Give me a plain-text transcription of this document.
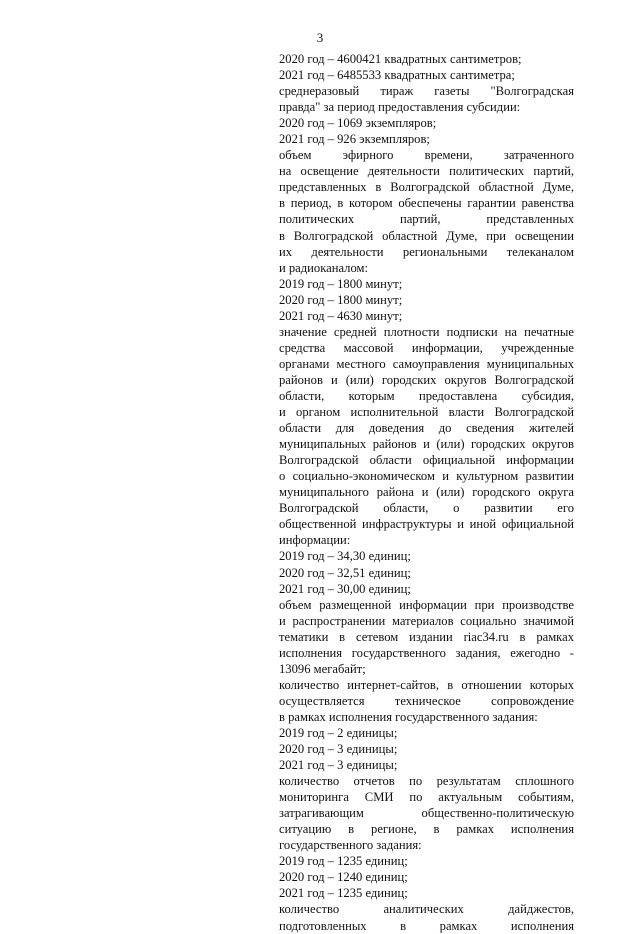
3
2020 год – 4600421 квадратных сантиметров;
2021 год – 6485533 квадратных сантиметра;
среднеразовый тираж газеты "Волгоградская
правда" за период предоставления субсидии:
2020 год – 1069 экземпляров;
2021 год – 926 экземпляров;
объем эфирного времени, затраченного
на освещение деятельности политических партий,
представленных в Волгоградской областной Думе,
в период, в котором обеспечены гарантии равенства
политических партий, представленных
в Волгоградской областной Думе, при освещении
их деятельности региональными телеканалом
и радиоканалом:
2019 год – 1800 минут;
2020 год – 1800 минут;
2021 год – 4630 минут;
значение средней плотности подписки на печатные
средства массовой информации, учрежденные
органами местного самоуправления муниципальных
районов и (или) городских округов Волгоградской
области, которым предоставлена субсидия,
и органом исполнительной власти Волгоградской
области для доведения до сведения жителей
муниципальных районов и (или) городских округов
Волгоградской области официальной информации
о социально-экономическом и культурном развитии
муниципального района и (или) городского округа
Волгоградской области, о развитии его
общественной инфраструктуры и иной официальной
информации:
2019 год – 34,30 единиц;
2020 год – 32,51 единиц;
2021 год – 30,00 единиц;
объем размещенной информации при производстве
и распространении материалов социально значимой
тематики в сетевом издании riac34.ru в рамках
исполнения государственного задания, ежегодно -
13096 мегабайт;
количество интернет-сайтов, в отношении которых
осуществляется техническое сопровождение
в рамках исполнения государственного задания:
2019 год – 2 единицы;
2020 год – 3 единицы;
2021 год – 3 единицы;
количество отчетов по результатам сплошного
мониторинга СМИ по актуальным событиям,
затрагивающим общественно-политическую
ситуацию в регионе, в рамках исполнения
государственного задания:
2019 год – 1235 единиц;
2020 год – 1240 единиц;
2021 год – 1235 единиц;
количество аналитических дайджестов,
подготовленных в рамках исполнения
